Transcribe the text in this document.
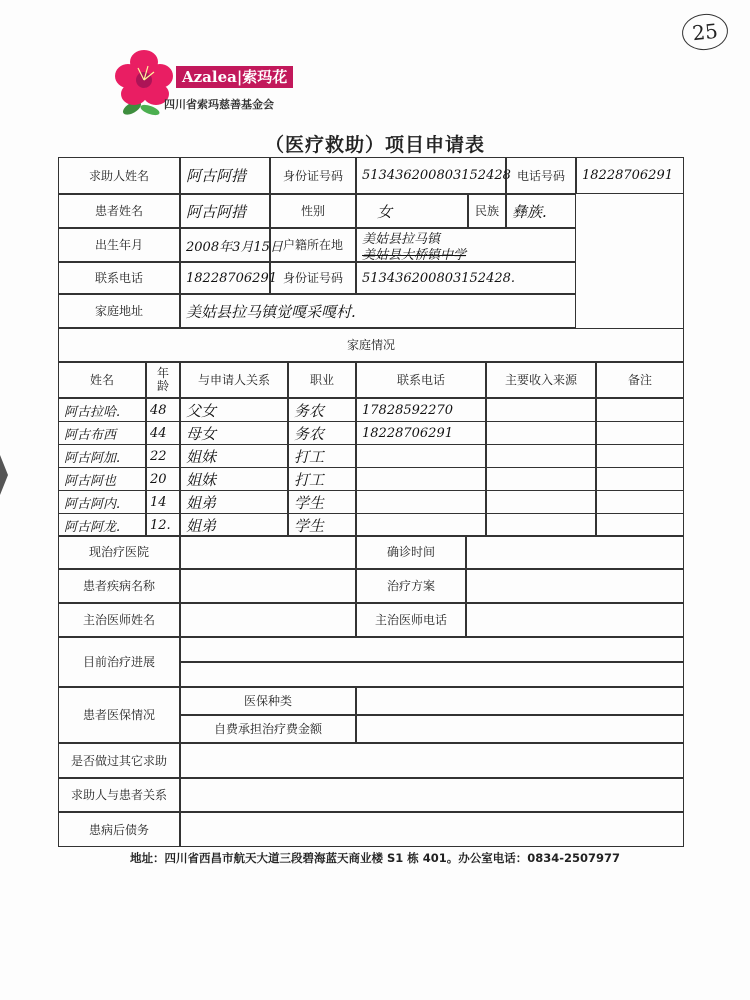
25
Azalea|索玛花
四川省索玛慈善基金会
（医疗救助）项目申请表
求助人姓名	阿古阿措	身份证号码	513436200803152428 电话号码	18228706291
患者姓名	阿古阿措	性别	女	民族 彝族.
出生年月	2008年3月15日 户籍所在地	美姑县拉马镇
美姑县大桥镇中学
联系电话	18228706291 身份证号码	513436200803152428.
家庭地址	美姑县拉马镇觉嘎采嘎村.
家庭情况
姓名	年龄	与申请人关系	职业	联系电话	主要收入来源	备注
阿古拉哈.	48	父女	务农	17828592270
阿古布西	44	母女	务农	18228706291
阿古阿加.	22	姐妹	打工
阿古阿也	20	姐妹	打工
阿古阿内.	14	姐弟	学生
阿古阿龙.	12.	姐弟	学生
现治疗医院	确诊时间
患者疾病名称	治疗方案
主治医师姓名	主治医师电话
目前治疗进展
患者医保情况
医保种类
自费承担治疗费金额
是否做过其它求助
求助人与患者关系
患病后债务
地址：四川省西昌市航天大道三段碧海蓝天商业楼 S1 栋 401。办公室电话：0834-2507977
